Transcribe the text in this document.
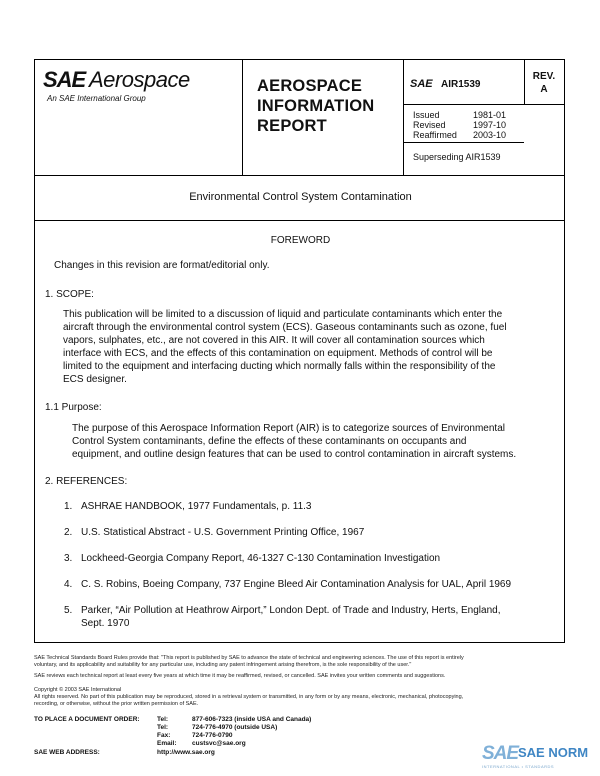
SAE Aerospace
An SAE International Group
AEROSPACE
INFORMATION
REPORT
SAE AIR1539
REV.
A
Issued	1981-01
Revised	1997-10
Reaffirmed 2003-10
Superseding AIR1539
Environmental Control System Contamination
FOREWORD
Changes in this revision are format/editorial only.
1. SCOPE:
This publication will be limited to a discussion of liquid and particulate contaminants which enter the
aircraft through the environmental control system (ECS). Gaseous contaminants such as ozone, fuel
vapors, sulphates, etc., are not covered in this AIR. It will cover all contamination sources which
interface with ECS, and the effects of this contamination on equipment. Methods of control will be
limited to the equipment and interfacing ducting which normally falls within the responsibility of the
ECS designer.
1.1 Purpose:
The purpose of this Aerospace Information Report (AIR) is to categorize sources of Environmental
Control System contaminants, define the effects of these contaminants on occupants and
equipment, and outline design features that can be used to control contamination in aircraft systems.
2. REFERENCES:
1. ASHRAE HANDBOOK, 1977 Fundamentals, p. 11.3
2. U.S. Statistical Abstract - U.S. Government Printing Office, 1967
3. Lockheed-Georgia Company Report, 46-1327 C-130 Contamination Investigation
4. C. S. Robins, Boeing Company, 737 Engine Bleed Air Contamination Analysis for UAL, April 1969
5. Parker, “Air Pollution at Heathrow Airport,” London Dept. of Trade and Industry, Herts, England,
Sept. 1970
SAE Technical Standards Board Rules provide that: "This report is published by SAE to advance the state of technical and engineering sciences. The use of this report is entirely
voluntary, and its applicability and suitability for any particular use, including any patent infringement arising therefrom, is the sole responsibility of the user."
SAE reviews each technical report at least every five years at which time it may be reaffirmed, revised, or cancelled. SAE invites your written comments and suggestions.
Copyright © 2003 SAE International
All rights reserved. No part of this publication may be reproduced, stored in a retrieval system or transmitted, in any form or by any means, electronic, mechanical, photocopying,
recording, or otherwise, without the prior written permission of SAE.
TO PLACE A DOCUMENT ORDER:	Tel:	877-606-7323 (inside USA and Canada)
Tel:	724-776-4970 (outside USA)
Fax:	724-776-0790
Email: custsvc@sae.org
SAE WEB ADDRESS:	http://www.sae.org	SAE SAE NORM
INTERNATIONAL • STANDARDS
